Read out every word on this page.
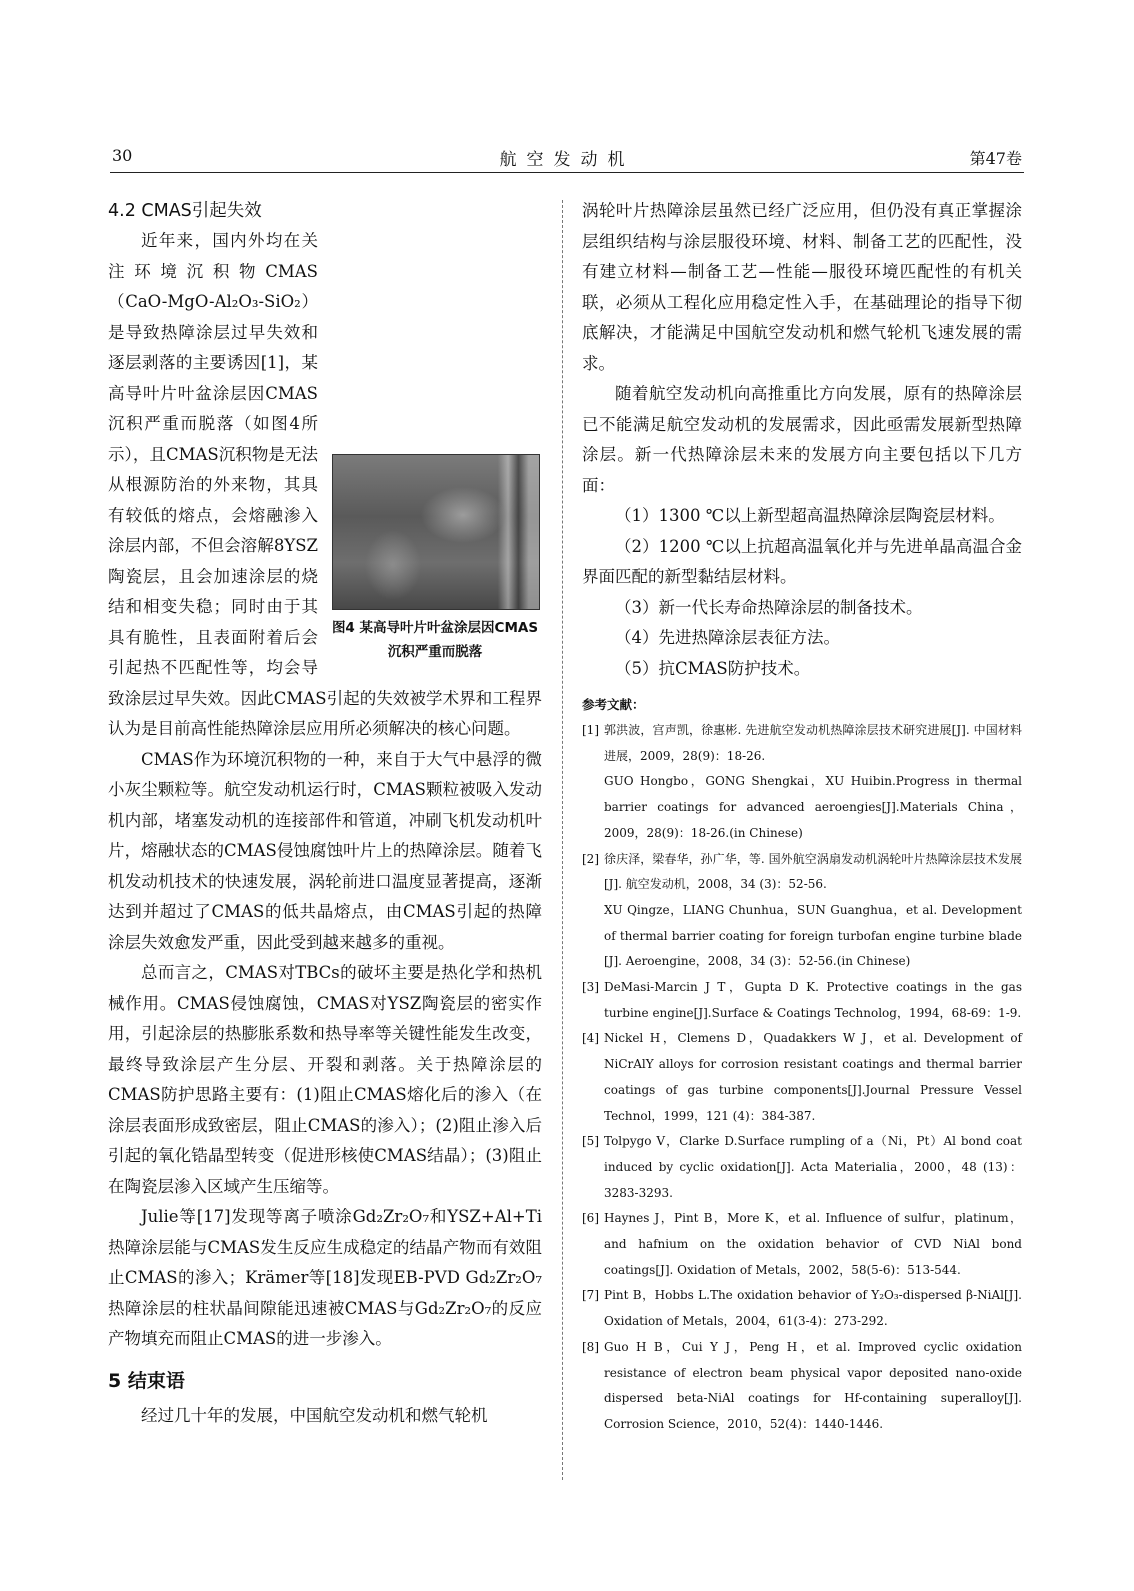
30	航空发动机	第47卷
4.2 CMAS引起失效
图4 某高导叶片叶盆涂层因CMAS沉积严重而脱落

近年来，国内外均在关注环境沉积物CMAS（CaO-MgO-Al₂O₃-SiO₂）是导致热障涂层过早失效和逐层剥落的主要诱因[1]，某高导叶片叶盆涂层因CMAS沉积严重而脱落（如图4所示），且CMAS沉积物是无法从根源防治的外来物，其具有较低的熔点，会熔融渗入涂层内部，不但会溶解8YSZ陶瓷层，且会加速涂层的烧结和相变失稳；同时由于其具有脆性，且表面附着后会引起热不匹配性等，均会导致涂层过早失效。因此CMAS引起的失效被学术界和工程界认为是目前高性能热障涂层应用所必须解决的核心问题。

CMAS作为环境沉积物的一种，来自于大气中悬浮的微小灰尘颗粒等。航空发动机运行时，CMAS颗粒被吸入发动机内部，堵塞发动机的连接部件和管道，冲刷飞机发动机叶片，熔融状态的CMAS侵蚀腐蚀叶片上的热障涂层。随着飞机发动机技术的快速发展，涡轮前进口温度显著提高，逐渐达到并超过了CMAS的低共晶熔点，由CMAS引起的热障涂层失效愈发严重，因此受到越来越多的重视。

总而言之，CMAS对TBCs的破坏主要是热化学和热机械作用。CMAS侵蚀腐蚀，CMAS对YSZ陶瓷层的密实作用，引起涂层的热膨胀系数和热导率等关键性能发生改变，最终导致涂层产生分层、开裂和剥落。关于热障涂层的CMAS防护思路主要有：(1)阻止CMAS熔化后的渗入（在涂层表面形成致密层，阻止CMAS的渗入）；(2)阻止渗入后引起的氧化锆晶型转变（促进形核使CMAS结晶）；(3)阻止在陶瓷层渗入区域产生压缩等。

Julie等[17]发现等离子喷涂Gd₂Zr₂O₇和YSZ+Al+Ti热障涂层能与CMAS发生反应生成稳定的结晶产物而有效阻止CMAS的渗入；Krämer等[18]发现EB-PVD Gd₂Zr₂O₇热障涂层的柱状晶间隙能迅速被CMAS与Gd₂Zr₂O₇的反应产物填充而阻止CMAS的进一步渗入。

5 结束语

经过几十年的发展，中国航空发动机和燃气轮机

涡轮叶片热障涂层虽然已经广泛应用，但仍没有真正掌握涂层组织结构与涂层服役环境、材料、制备工艺的匹配性，没有建立材料—制备工艺—性能—服役环境匹配性的有机关联，必须从工程化应用稳定性入手，在基础理论的指导下彻底解决，才能满足中国航空发动机和燃气轮机飞速发展的需求。

随着航空发动机向高推重比方向发展，原有的热障涂层已不能满足航空发动机的发展需求，因此亟需发展新型热障涂层。新一代热障涂层未来的发展方向主要包括以下几方面：

（1）1300 ℃以上新型超高温热障涂层陶瓷层材料。

（2）1200 ℃以上抗超高温氧化并与先进单晶高温合金界面匹配的新型黏结层材料。

（3）新一代长寿命热障涂层的制备技术。

（4）先进热障涂层表征方法。

（5）抗CMAS防护技术。

参考文献：
[1] 郭洪波，宫声凯，徐惠彬. 先进航空发动机热障涂层技术研究进展[J]. 中国材料进展，2009，28(9)：18-26.
GUO Hongbo，GONG Shengkai，XU Huibin.Progress in thermal barrier coatings for advanced aeroengies[J].Materials China，2009，28(9)：18-26.(in Chinese)
[2] 徐庆泽，梁春华，孙广华，等. 国外航空涡扇发动机涡轮叶片热障涂层技术发展[J]. 航空发动机，2008，34 (3)：52-56.
XU Qingze，LIANG Chunhua，SUN Guanghua，et al. Development of thermal barrier coating for foreign turbofan engine turbine blade [J]. Aeroengine，2008，34 (3)：52-56.(in Chinese)
[3] DeMasi-Marcin J T，Gupta D K. Protective coatings in the gas turbine engine[J].Surface & Coatings Technolog，1994，68-69：1-9.
[4] Nickel H，Clemens D，Quadakkers W J，et al. Development of NiCrAlY alloys for corrosion resistant coatings and thermal barrier coatings of gas turbine components[J].Journal Pressure Vessel Technol，1999，121 (4)：384-387.
[5] Tolpygo V，Clarke D.Surface rumpling of a（Ni，Pt）Al bond coat induced by cyclic oxidation[J]. Acta Materialia，2000，48 (13)：3283-3293.
[6] Haynes J，Pint B，More K，et al. Influence of sulfur，platinum，and hafnium on the oxidation behavior of CVD NiAl bond coatings[J]. Oxidation of Metals，2002，58(5-6)：513-544.
[7] Pint B，Hobbs L.The oxidation behavior of Y₂O₃-dispersed β-NiAl[J]. Oxidation of Metals，2004，61(3-4)：273-292.
[8] Guo H B，Cui Y J，Peng H，et al. Improved cyclic oxidation resistance of electron beam physical vapor deposited nano-oxide dispersed beta-NiAl coatings for Hf-containing superalloy[J]. Corrosion Science，2010，52(4)：1440-1446.
